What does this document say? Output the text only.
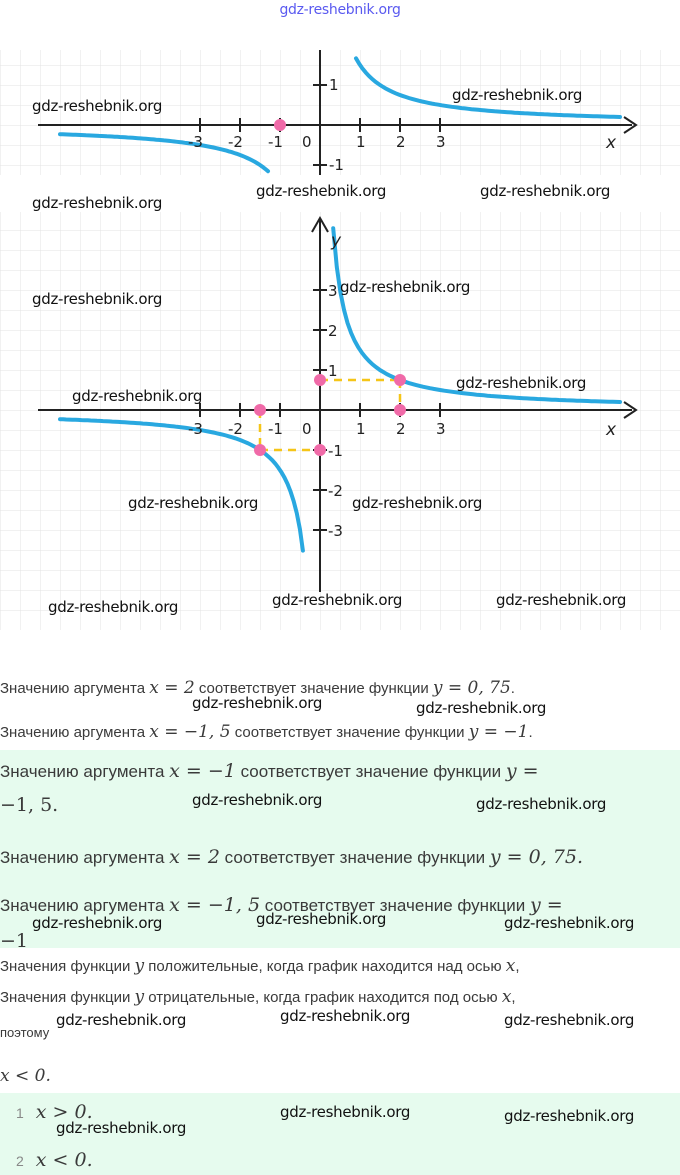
gdz-reshebnik.org
-3 -2 -1 0	1 2 3
1
-1
x
-3 -2 -1 0	1 2 3
3
2
1
-1
-2
-3
x
y
Значению аргумента x = 2 соответствует значение функции y = 0, 75.
Значению аргумента x = −1, 5 соответствует значение функции y = −1.
Значению аргумента x = −1 соответствует значение функции y =
−1, 5.
Значению аргумента x = 2 соответствует значение функции y = 0, 75.
Значению аргумента x = −1, 5 соответствует значение функции y =
−1
Значения функции y положительные, когда график находится над осью x,
Значения функции y отрицательные, когда график находится под осью x,
поэтому
x < 0.
1 x > 0.
2 x < 0.
gdz-reshebnik.org
gdz-reshebnik.org
gdz-reshebnik.org	gdz-reshebnik.org
gdz-reshebnik.org
gdz-reshebnik.org
gdz-reshebnik.org
gdz-reshebnik.org
gdz-reshebnik.org
gdz-reshebnik.org	gdz-reshebnik.org
gdz-reshebnik.org	gdz-reshebnik.org	gdz-reshebnik.org
gdz-reshebnik.org	gdz-reshebnik.org
gdz-reshebnik.org	gdz-reshebnik.org
gdz-reshebnik.org	gdz-reshebnik.org	gdz-reshebnik.org
gdz-reshebnik.org	gdz-reshebnik.org	gdz-reshebnik.org
gdz-reshebnik.org	gdz-reshebnik.org
gdz-reshebnik.org
